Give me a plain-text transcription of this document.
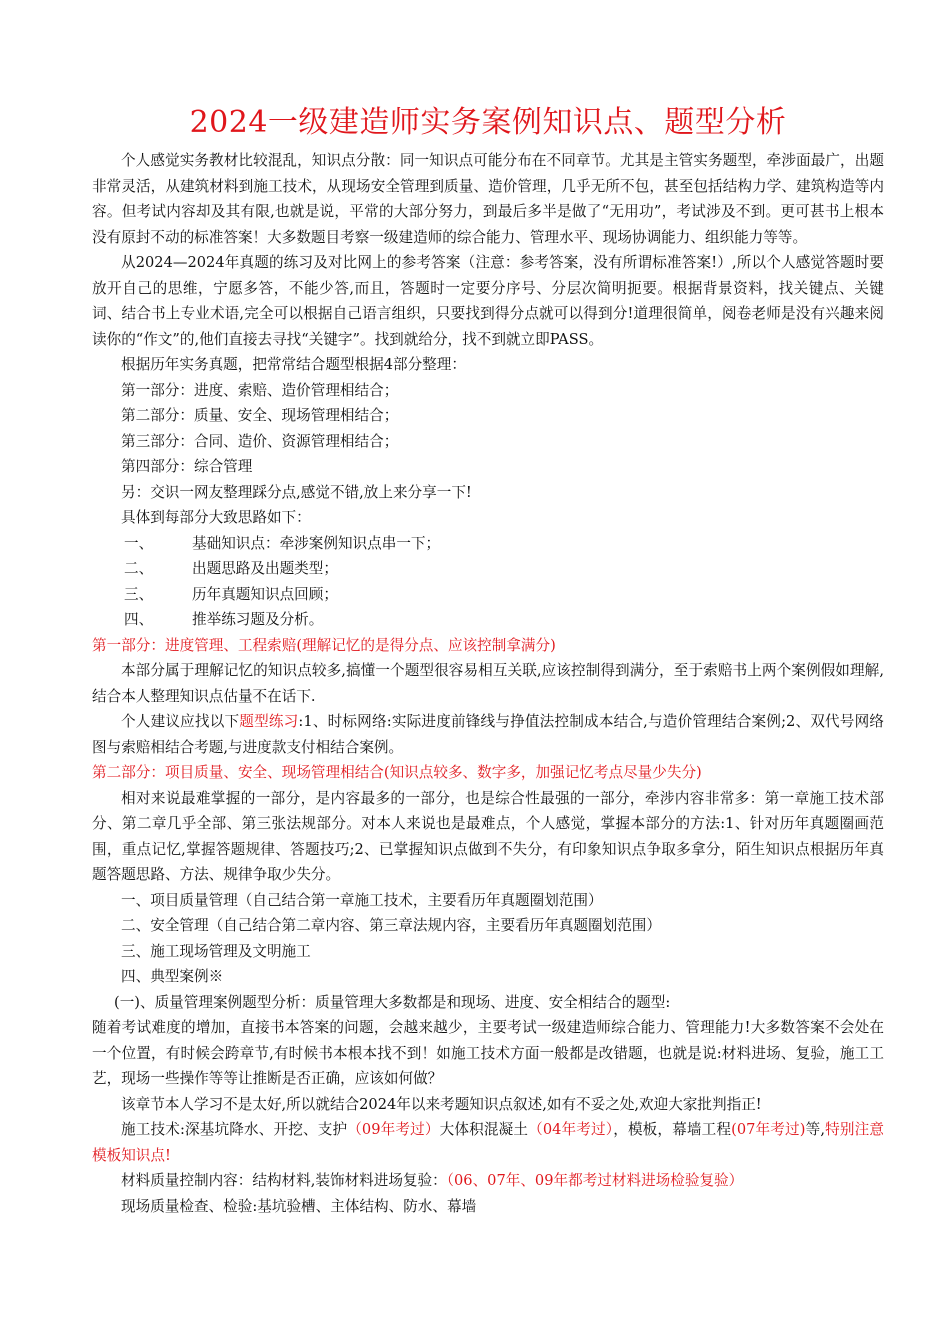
2024一级建造师实务案例知识点、题型分析

个人感觉实务教材比较混乱，知识点分散：同一知识点可能分布在不同章节。尤其是主管实务题型，牵涉面最广，出题非常灵活，从建筑材料到施工技术，从现场安全管理到质量、造价管理，几乎无所不包，甚至包括结构力学、建筑构造等内容。但考试内容却及其有限,也就是说，平常的大部分努力，到最后多半是做了“无用功”，考试涉及不到。更可甚书上根本没有原封不动的标准答案！大多数题目考察一级建造师的综合能力、管理水平、现场协调能力、组织能力等等。

从2024—2024年真题的练习及对比网上的参考答案（注意：参考答案，没有所谓标准答案!）,所以个人感觉答题时要放开自己的思维，宁愿多答，不能少答,而且，答题时一定要分序号、分层次简明扼要。根据背景资料，找关键点、关键词、结合书上专业术语,完全可以根据自己语言组织，只要找到得分点就可以得到分!道理很简单，阅卷老师是没有兴趣来阅读你的“作文”的,他们直接去寻找“关键字”。找到就给分，找不到就立即PASS。

根据历年实务真题，把常常结合题型根据4部分整理：

第一部分：进度、索赔、造价管理相结合；

第二部分：质量、安全、现场管理相结合；

第三部分：合同、造价、资源管理相结合；

第四部分：综合管理

另：交识一网友整理踩分点,感觉不错,放上来分享一下!

具体到每部分大致思路如下：

一、	基础知识点：牵涉案例知识点串一下；
二、	出题思路及出题类型；
三、	历年真题知识点回顾；
四、	推举练习题及分析。

第一部分：进度管理、工程索赔(理解记忆的是得分点、应该控制拿满分)

本部分属于理解记忆的知识点较多,搞懂一个题型很容易相互关联,应该控制得到满分，至于索赔书上两个案例假如理解,结合本人整理知识点估量不在话下.

个人建议应找以下题型练习:1、时标网络:实际进度前锋线与挣值法控制成本结合,与造价管理结合案例;2、双代号网络图与索赔相结合考题,与进度款支付相结合案例。

第二部分：项目质量、安全、现场管理相结合(知识点较多、数字多，加强记忆考点尽量少失分)

相对来说最难掌握的一部分，是内容最多的一部分，也是综合性最强的一部分，牵涉内容非常多：第一章施工技术部分、第二章几乎全部、第三张法规部分。对本人来说也是最难点，个人感觉，掌握本部分的方法:1、针对历年真题圈画范围，重点记忆,掌握答题规律、答题技巧;2、已掌握知识点做到不失分，有印象知识点争取多拿分，陌生知识点根据历年真题答题思路、方法、规律争取少失分。

一、项目质量管理（自己结合第一章施工技术，主要看历年真题圈划范围）

二、安全管理（自己结合第二章内容、第三章法规内容，主要看历年真题圈划范围）

三、施工现场管理及文明施工

四、典型案例※

(一)、质量管理案例题型分析：质量管理大多数都是和现场、进度、安全相结合的题型:

随着考试难度的增加，直接书本答案的问题，会越来越少，主要考试一级建造师综合能力、管理能力!大多数答案不会处在一个位置，有时候会跨章节,有时候书本根本找不到！如施工技术方面一般都是改错题，也就是说:材料进场、复验，施工工艺，现场一些操作等等让推断是否正确，应该如何做？

该章节本人学习不是太好,所以就结合2024年以来考题知识点叙述,如有不妥之处,欢迎大家批判指正!

施工技术:深基坑降水、开挖、支护（09年考过）大体积混凝土（04年考过），模板，幕墙工程(07年考过)等,特别注意模板知识点!

材料质量控制内容：结构材料,装饰材料进场复验：（06、07年、09年都考过材料进场检验复验）

现场质量检查、检验:基坑验槽、主体结构、防水、幕墙
